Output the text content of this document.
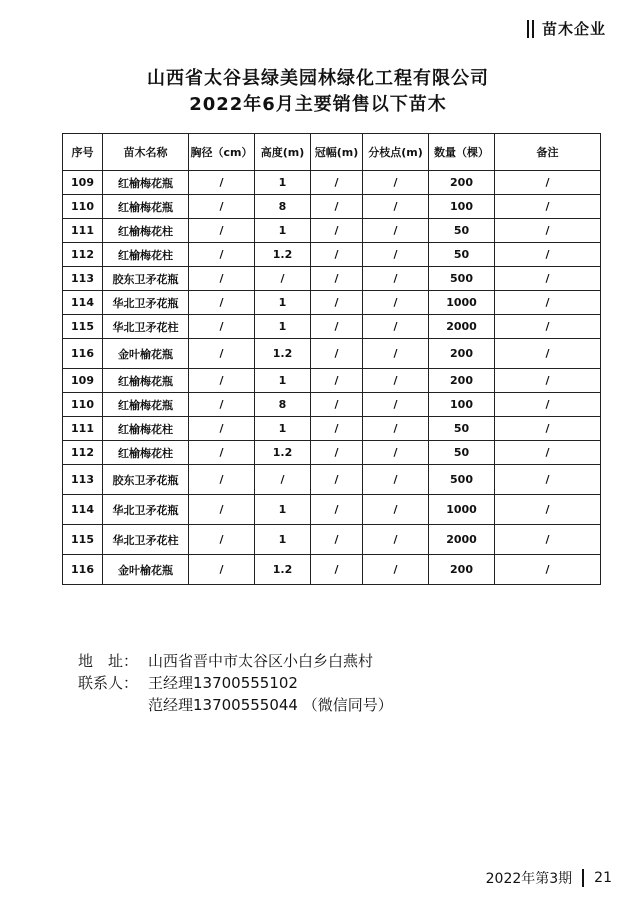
苗木企业
山西省太谷县绿美园林绿化工程有限公司
2022年6月主要销售以下苗木
序号	苗木名称	胸径（cm）	高度(m)	冠幅(m)	分枝点(m)	数量（棵）	备注
109	红榆梅花瓶	/	1	/	/	200	/
110	红榆梅花瓶	/	8	/	/	100	/
111	红榆梅花柱	/	1	/	/	50	/
112	红榆梅花柱	/	1.2	/	/	50	/
113	胶东卫矛花瓶	/	/	/	/	500	/
114	华北卫矛花瓶	/	1	/	/	1000	/
115	华北卫矛花柱	/	1	/	/	2000	/
116	金叶榆花瓶	/	1.2	/	/	200	/
109	红榆梅花瓶	/	1	/	/	200	/
110	红榆梅花瓶	/	8	/	/	100	/
111	红榆梅花柱	/	1	/	/	50	/
112	红榆梅花柱	/	1.2	/	/	50	/
113	胶东卫矛花瓶	/	/	/	/	500	/
114	华北卫矛花瓶	/	1	/	/	1000	/
115	华北卫矛花柱	/	1	/	/	2000	/
116	金叶榆花瓶	/	1.2	/	/	200	/
地　址： 山西省晋中市太谷区小白乡白燕村
联系人： 王经理13700555102
范经理13700555044 （微信同号）
2022年第3期 21
